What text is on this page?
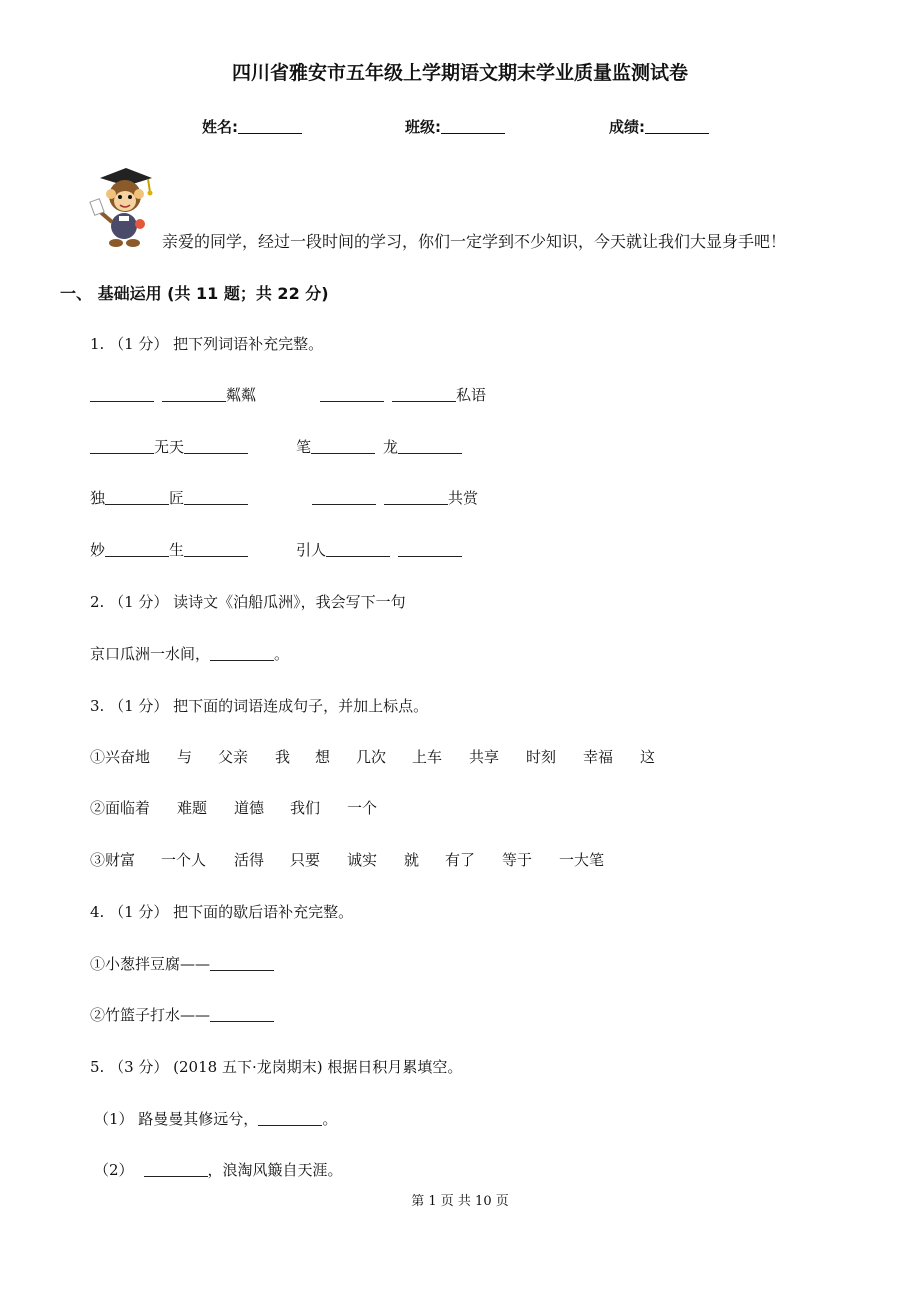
四川省雅安市五年级上学期语文期末学业质量监测试卷
姓名:	班级:	成绩:
亲爱的同学，经过一段时间的学习，你们一定学到不少知识，今天就让我们大显身手吧！
一、 基础运用 (共 11 题；共 22 分)
1. （1 分） 把下列词语补充完整。
粼粼	私语
无天	笔	龙
独	匠	共赏
妙	生	引人
2. （1 分） 读诗文《泊船瓜洲》，我会写下一句
京口瓜洲一水间，	。
3. （1 分） 把下面的词语连成句子，并加上标点。
①兴奋地 与 父亲 我 想 几次 上车 共享 时刻 幸福 这
②面临着 难题 道德 我们 一个
③财富 一个人 活得 只要 诚实 就 有了 等于 一大笔
4. （1 分） 把下面的歇后语补充完整。
①小葱拌豆腐——
②竹篮子打水——
5. （3 分） (2018 五下·龙岗期末) 根据日积月累填空。
（1） 路曼曼其修远兮，	。
（2）	，浪淘风簸自天涯。
第 1 页 共 10 页
